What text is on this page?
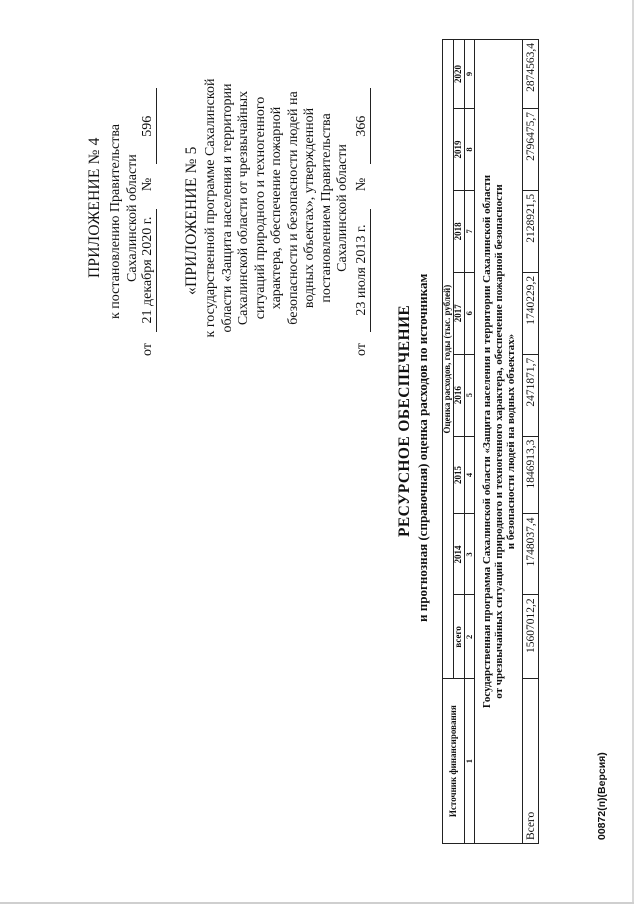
ПРИЛОЖЕНИЕ № 4 к постановлению Правительства Сахалинской области
от 21 декабря 2020 г. № 596
«ПРИЛОЖЕНИЕ № 5 к государственной программе Сахалинской области «Защита населения и территории Сахалинской области от чрезвычайных ситуаций природного и техногенного характера, обеспечение пожарной безопасности и безопасности людей на водных объектах», утвержденной постановлением Правительства Сахалинской области
от 23 июля 2013 г. № 366
РЕСУРСНОЕ ОБЕСПЕЧЕНИЕ и прогнозная (справочная) оценка расходов по источникам
Источник финансирования	Оценка расходов, годы (тыс. рублей)							
	всего	2014	2015	2016	2017	2018	2019	2020
1	2	3	4	5	6	7	8	9

Государственная программа Сахалинской области «Защита населения и территории Сахалинской области от чрезвычайных ситуаций природного и техногенного характера, обеспечение пожарной безопасности и безопасности людей на водных объектах»								

Всего	15607012,2	1748037,4	1846913,3	2471871,7	1740229,2	2128921,5	2796475,7	2874563,4
00872(п)(Версия)
